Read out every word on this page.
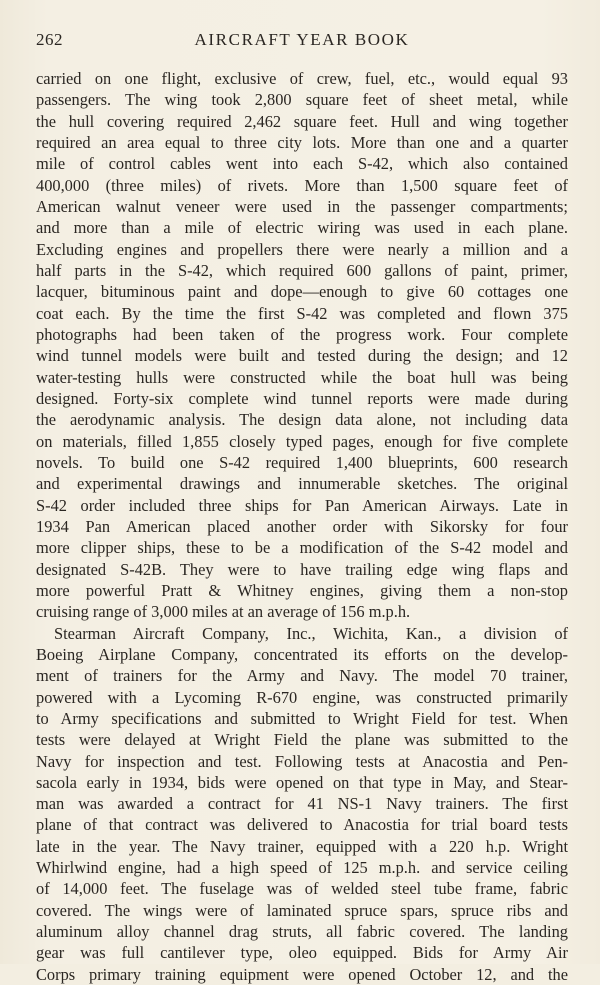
262	AIRCRAFT YEAR BOOK
carried on one flight, exclusive of crew, fuel, etc., would equal 93
passengers. The wing took 2,800 square feet of sheet metal, while
the hull covering required 2,462 square feet. Hull and wing together
required an area equal to three city lots. More than one and a quarter
mile of control cables went into each S-42, which also contained
400,000 (three miles) of rivets. More than 1,500 square feet of
American walnut veneer were used in the passenger compartments;
and more than a mile of electric wiring was used in each plane.
Excluding engines and propellers there were nearly a million and a
half parts in the S-42, which required 600 gallons of paint, primer,
lacquer, bituminous paint and dope—enough to give 60 cottages one
coat each. By the time the first S-42 was completed and flown 375
photographs had been taken of the progress work. Four complete
wind tunnel models were built and tested during the design; and 12
water-testing hulls were constructed while the boat hull was being
designed. Forty-six complete wind tunnel reports were made during
the aerodynamic analysis. The design data alone, not including data
on materials, filled 1,855 closely typed pages, enough for five complete
novels. To build one S-42 required 1,400 blueprints, 600 research
and experimental drawings and innumerable sketches. The original
S-42 order included three ships for Pan American Airways. Late in
1934 Pan American placed another order with Sikorsky for four
more clipper ships, these to be a modification of the S-42 model and
designated S-42B. They were to have trailing edge wing flaps and
more powerful Pratt & Whitney engines, giving them a non-stop
cruising range of 3,000 miles at an average of 156 m.p.h.
Stearman Aircraft Company, Inc., Wichita, Kan., a division of
Boeing Airplane Company, concentrated its efforts on the develop-
ment of trainers for the Army and Navy. The model 70 trainer,
powered with a Lycoming R-670 engine, was constructed primarily
to Army specifications and submitted to Wright Field for test. When
tests were delayed at Wright Field the plane was submitted to the
Navy for inspection and test. Following tests at Anacostia and Pen-
sacola early in 1934, bids were opened on that type in May, and Stear-
man was awarded a contract for 41 NS-1 Navy trainers. The first
plane of that contract was delivered to Anacostia for trial board tests
late in the year. The Navy trainer, equipped with a 220 h.p. Wright
Whirlwind engine, had a high speed of 125 m.p.h. and service ceiling
of 14,000 feet. The fuselage was of welded steel tube frame, fabric
covered. The wings were of laminated spruce spars, spruce ribs and
aluminum alloy channel drag struts, all fabric covered. The landing
gear was full cantilever type, oleo equipped. Bids for Army Air
Corps primary training equipment were opened October 12, and the
